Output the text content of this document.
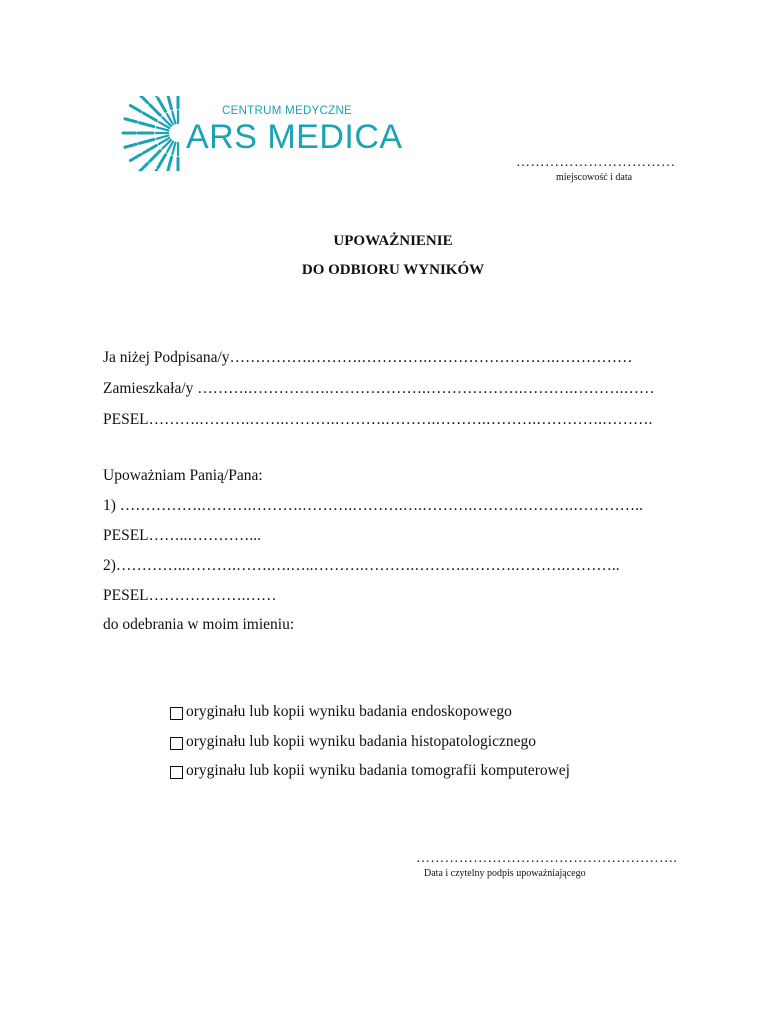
CENTRUM MEDYCZNE
ARS MEDICA
……………………………
miejscowość i data
UPOWAŻNIENIE
DO ODBIORU WYNIKÓW
Ja niżej Podpisana/y…………….……….………….…………………….……………
Zamieszkała/y ……….…………….……………….……………….……….……….……
PESEL……….……….…….……….……….……….……….……….………….……….
Upoważniam Panią/Pana:
1) …………….……….……….……….……….….……….……….……….…………..
PESEL……..…………...
2)…………..……….…….….…..……….……….……….……….……….………..
PESEL……………….……
do odebrania w moim imieniu:
oryginału lub kopii wyniku badania endoskopowego
oryginału lub kopii wyniku badania histopatologicznego
oryginału lub kopii wyniku badania tomografii komputerowej
……………………………………………….
Data i czytelny podpis upoważniającego
